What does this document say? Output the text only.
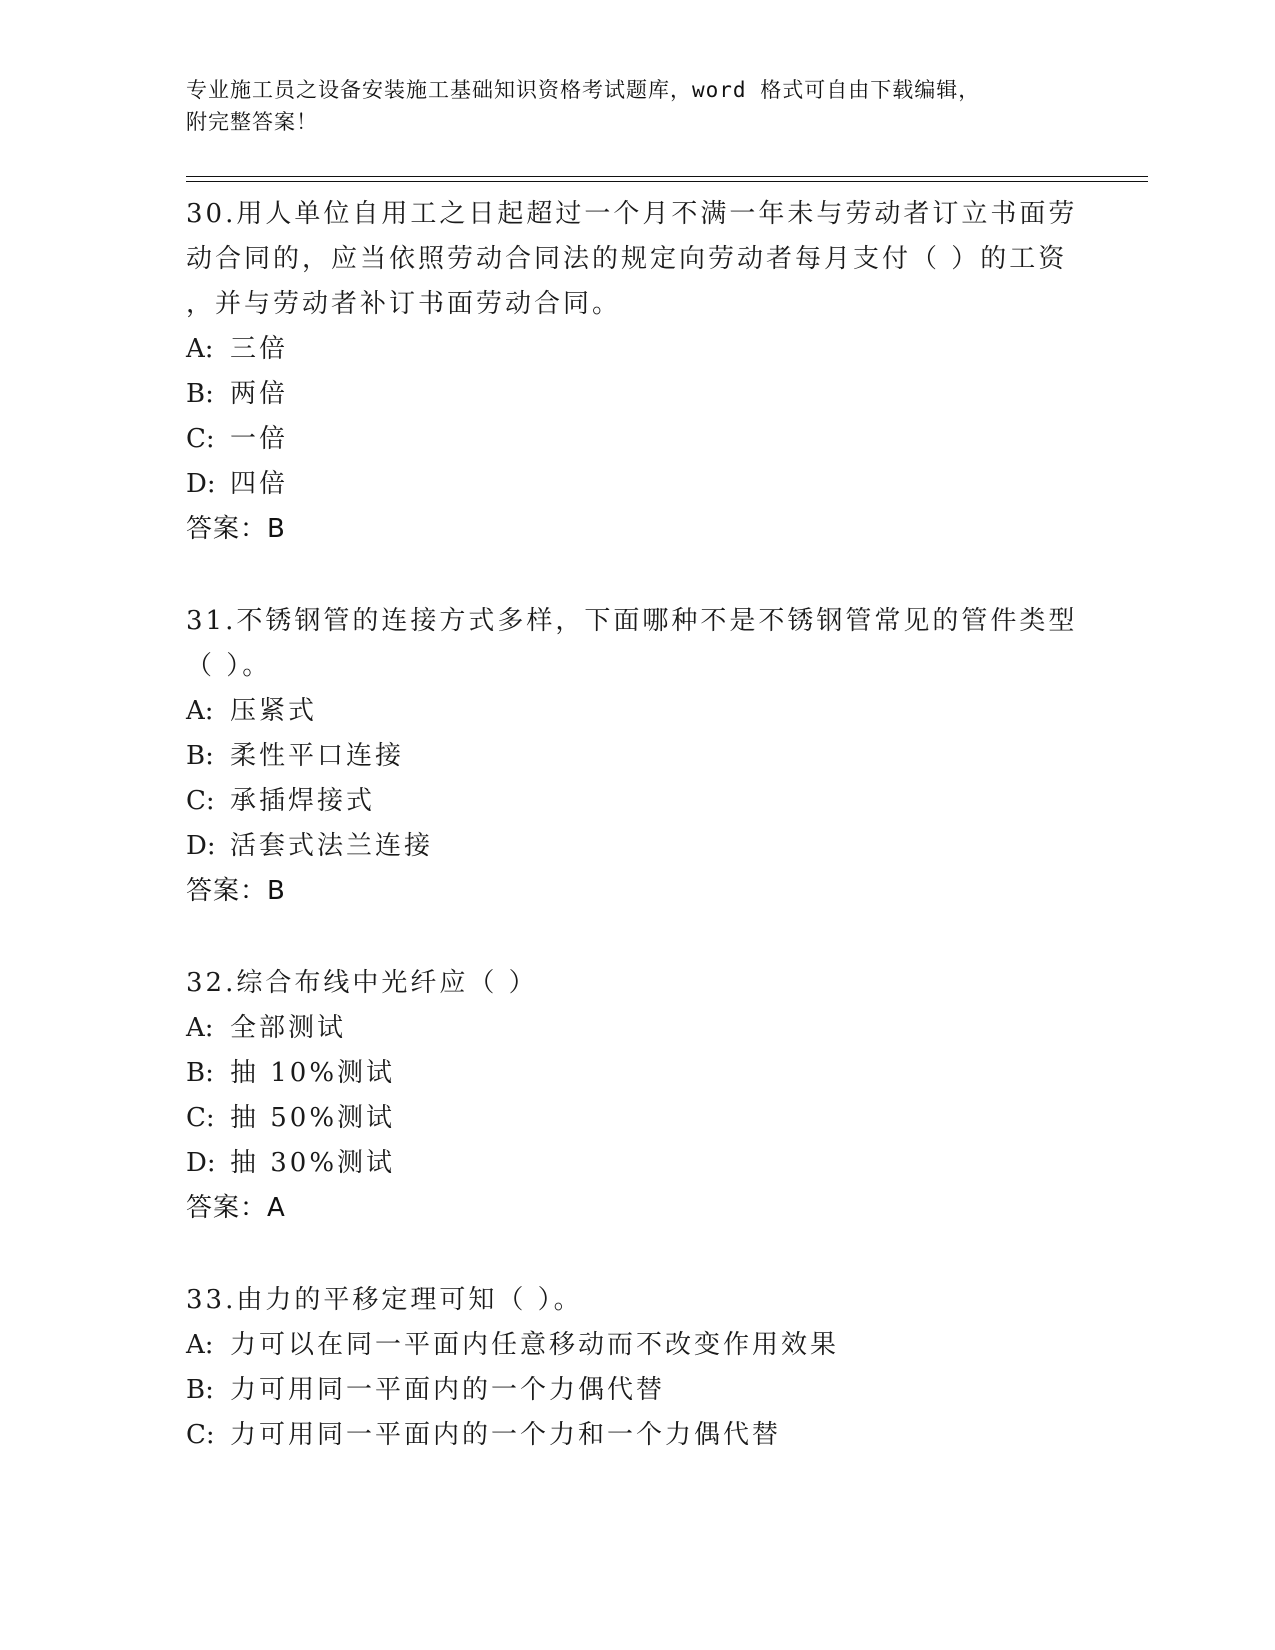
专业施工员之设备安装施工基础知识资格考试题库，word 格式可自由下载编辑，
附完整答案！
30.用人单位自用工之日起超过一个月不满一年未与劳动者订立书面劳
动合同的，应当依照劳动合同法的规定向劳动者每月支付（ ）的工资
，并与劳动者补订书面劳动合同。
A: 三倍
B: 两倍
C: 一倍
D: 四倍
答案：B
31.不锈钢管的连接方式多样，下面哪种不是不锈钢管常见的管件类型
（ ）。
A: 压紧式
B: 柔性平口连接
C: 承插焊接式
D: 活套式法兰连接
答案：B
32.综合布线中光纤应（ ）
A: 全部测试
B: 抽 10%测试
C: 抽 50%测试
D: 抽 30%测试
答案：A
33.由力的平移定理可知（ ）。
A: 力可以在同一平面内任意移动而不改变作用效果
B: 力可用同一平面内的一个力偶代替
C: 力可用同一平面内的一个力和一个力偶代替
